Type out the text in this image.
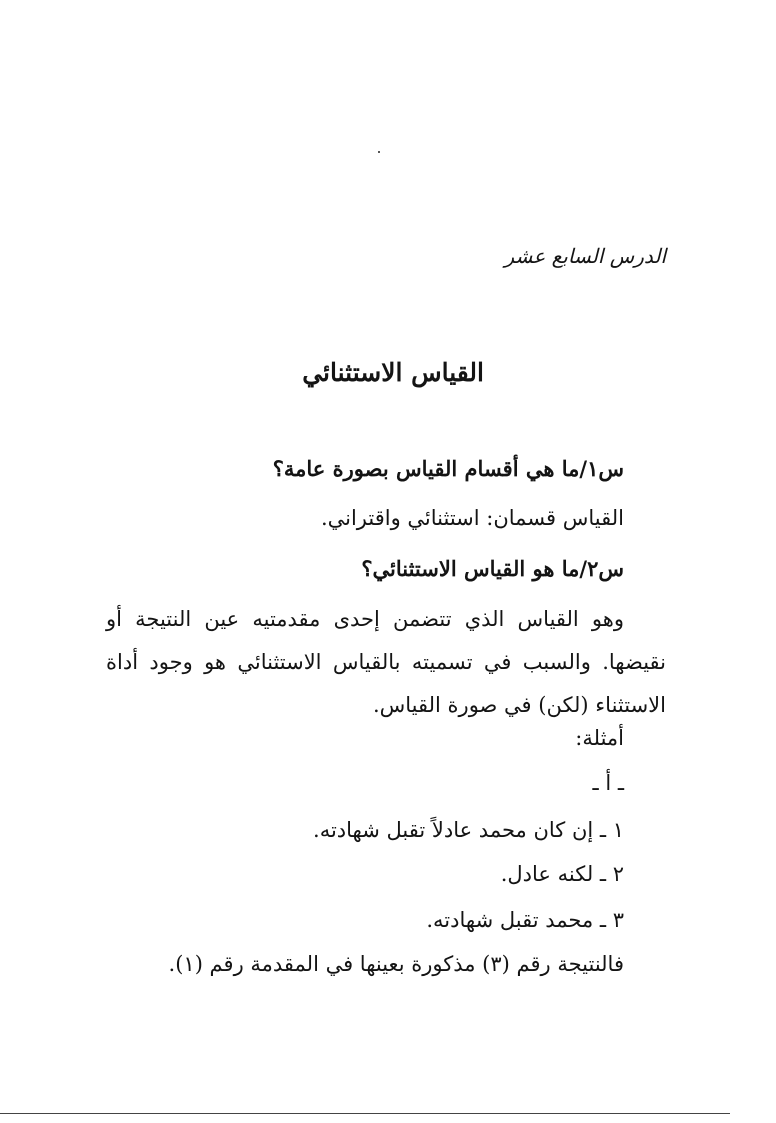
الدرس السابع عشر
القياس الاستثنائي
س١/ما هي أقسام القياس بصورة عامة؟
القياس قسمان: استثنائي واقتراني.
س٢/ما هو القياس الاستثنائي؟
وهو القياس الذي تتضمن إحدى مقدمتيه عين النتيجة أو
نقيضها. والسبب في تسميته بالقياس الاستثنائي هو وجود أداة
الاستثناء (لكن) في صورة القياس.
أمثلة:
ـ أ ـ
١ ـ إن كان محمد عادلاً تقبل شهادته.
٢ ـ لكنه عادل.
٣ ـ محمد تقبل شهادته.
فالنتيجة رقم (٣) مذكورة بعينها في المقدمة رقم (١).
